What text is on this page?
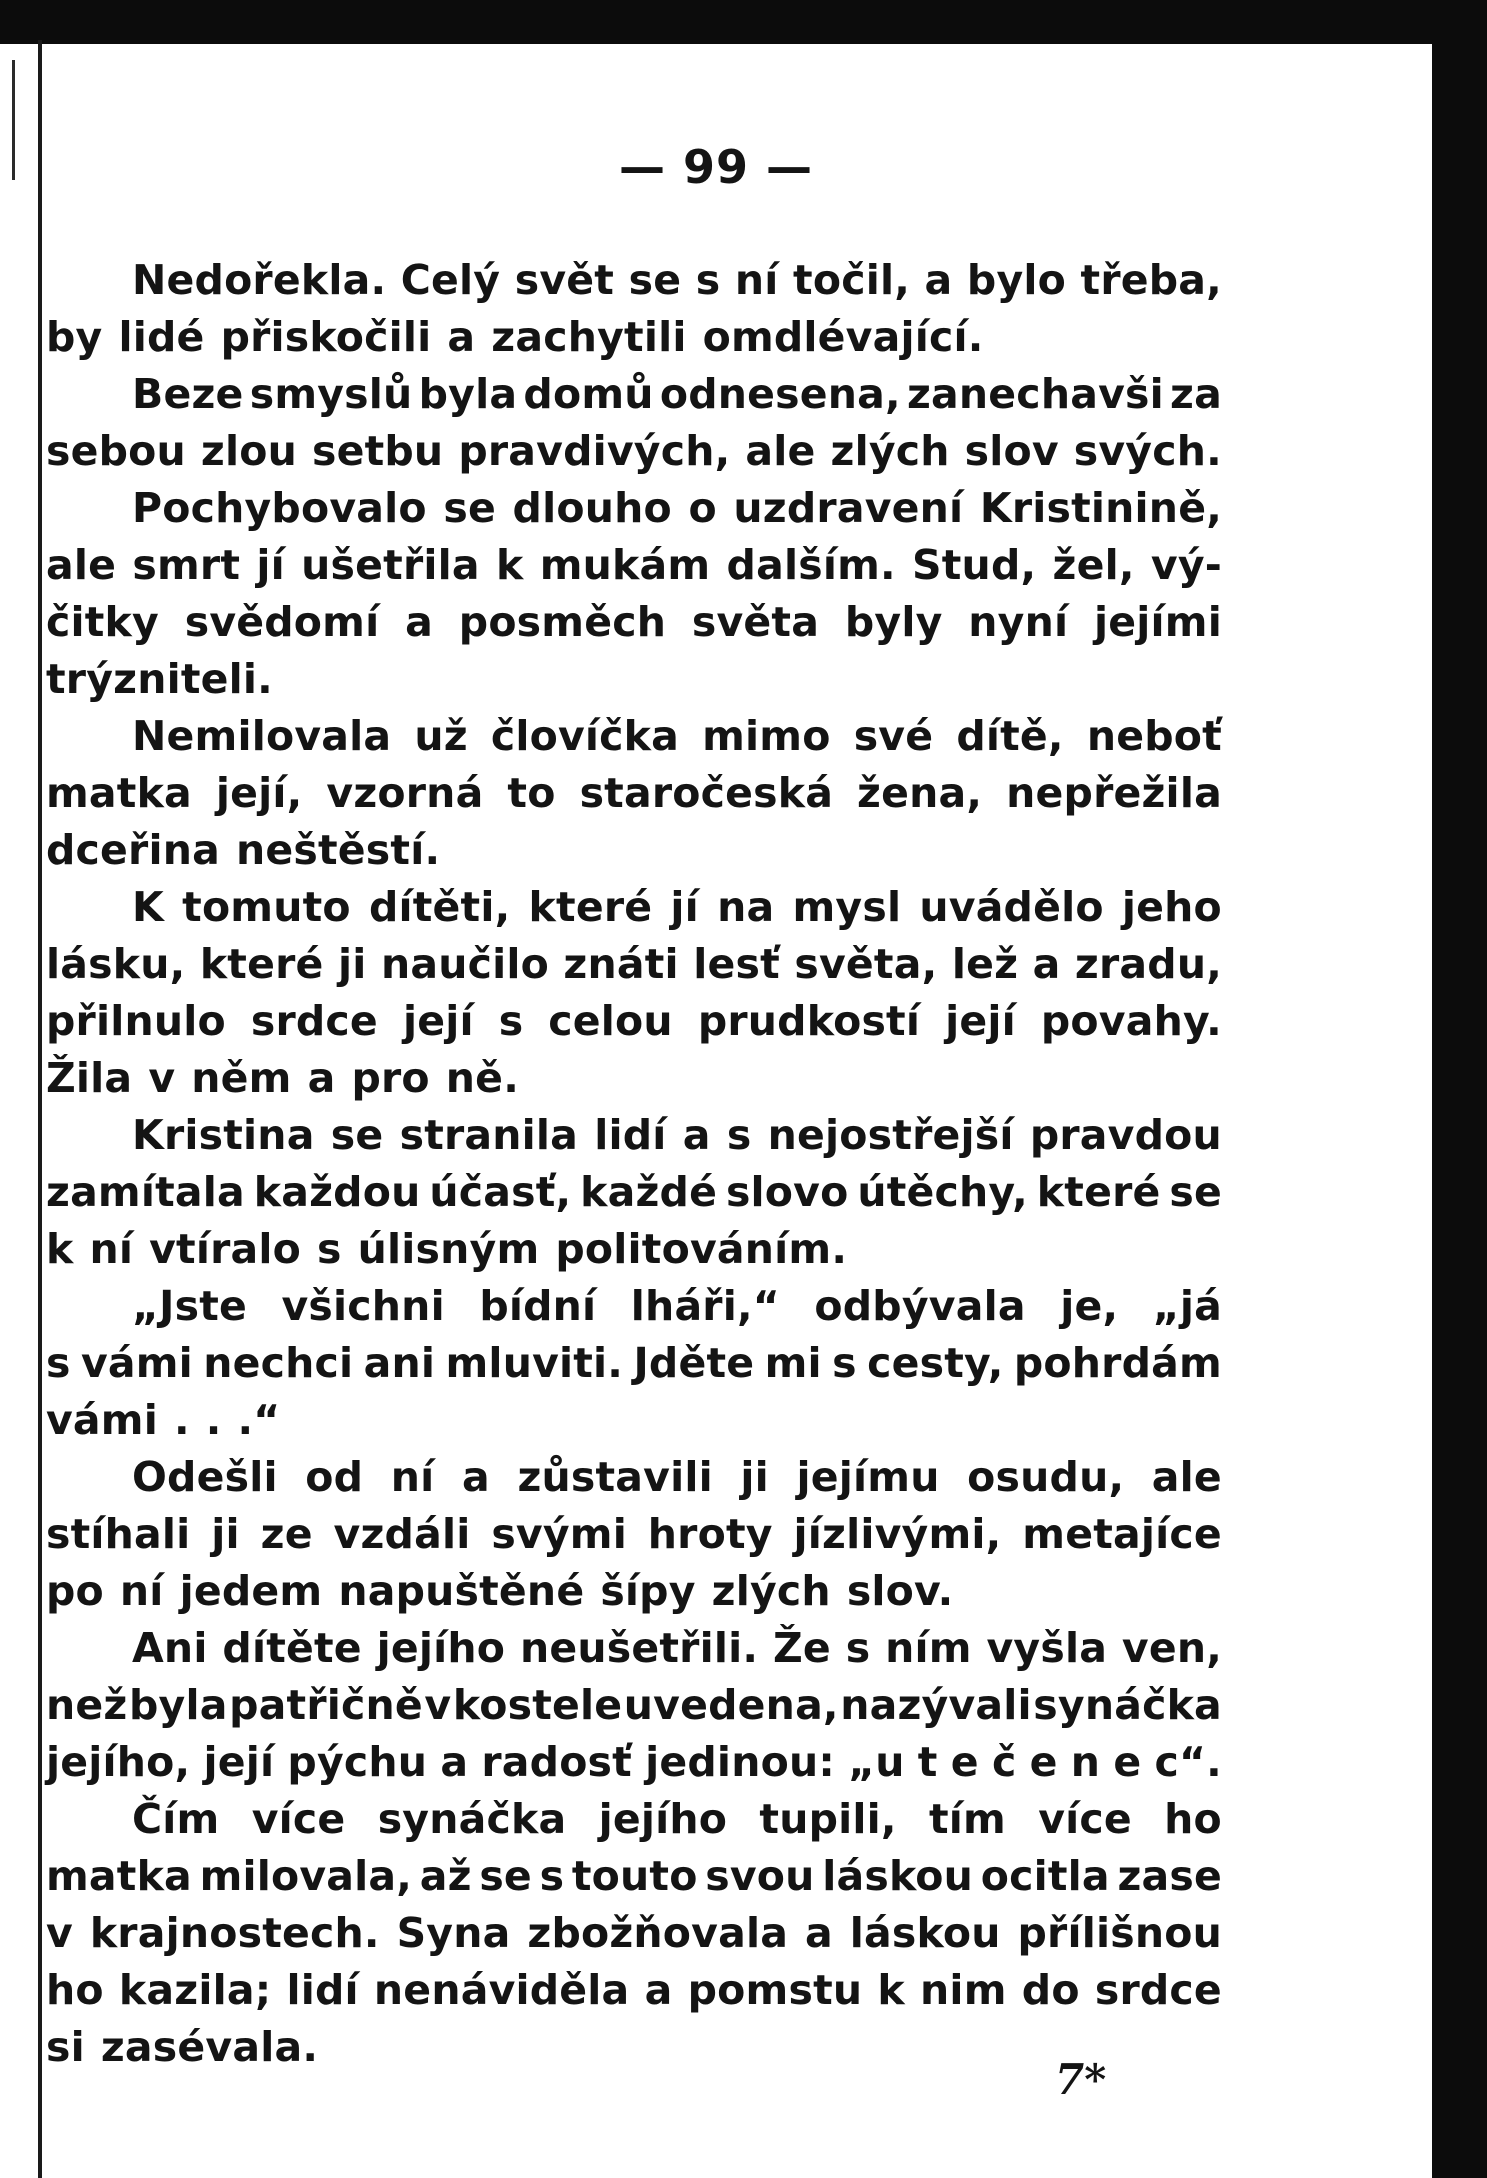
— 99 —
Nedořekla. Celý svět se s ní točil, a bylo třeba,
by lidé přiskočili a zachytili omdlévající.
Beze smyslů byla domů odnesena, zanechavši za
sebou zlou setbu pravdivých, ale zlých slov svých.
Pochybovalo se dlouho o uzdravení Kristinině,
ale smrt jí ušetřila k mukám dalším. Stud, žel, vý-
čitky svědomí a posměch světa byly nyní jejími
trýzniteli.
Nemilovala už človíčka mimo své dítě, neboť
matka její, vzorná to staročeská žena, nepřežila
dceřina neštěstí.
K tomuto dítěti, které jí na mysl uvádělo jeho
lásku, které ji naučilo znáti lesť světa, lež a zradu,
přilnulo srdce její s celou prudkostí její povahy.
Žila v něm a pro ně.
Kristina se stranila lidí a s nejostřejší pravdou
zamítala každou účasť, každé slovo útěchy, které se
k ní vtíralo s úlisným politováním.
„Jste všichni bídní lháři,“ odbývala je, „já
s vámi nechci ani mluviti. Jděte mi s cesty, pohrdám
vámi . . .“
Odešli od ní a zůstavili ji jejímu osudu, ale
stíhali ji ze vzdáli svými hroty jízlivými, metajíce
po ní jedem napuštěné šípy zlých slov.
Ani dítěte jejího neušetřili. Že s ním vyšla ven,
než byla patřičně v kostele uvedena, nazývali synáčka
jejího, její pýchu a radosť jedinou: „u t e č e n e c“.
Čím více synáčka jejího tupili, tím více ho
matka milovala, až se s touto svou láskou ocitla zase
v krajnostech. Syna zbožňovala a láskou přílišnou
ho kazila; lidí nenáviděla a pomstu k nim do srdce
si zasévala.
7*
